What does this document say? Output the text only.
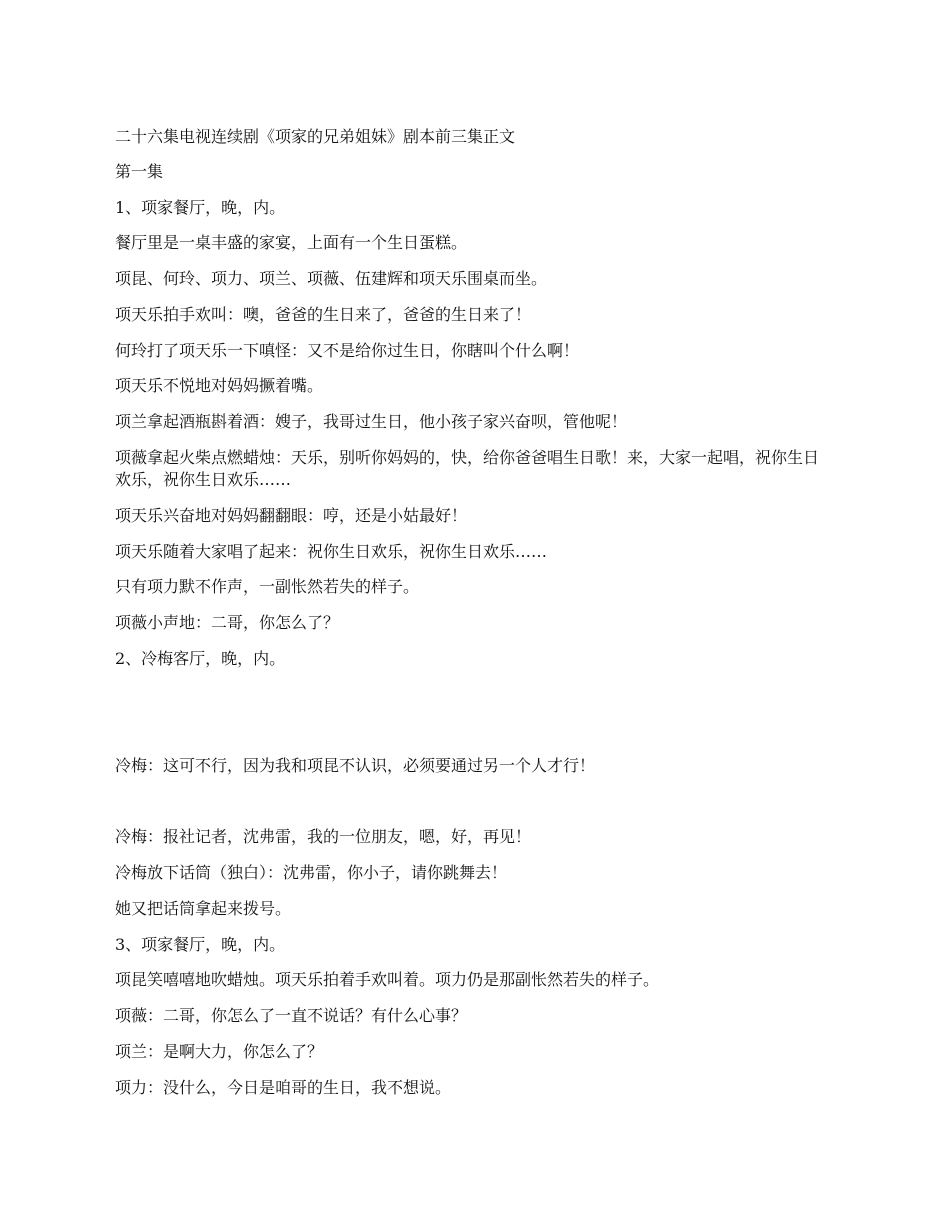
二十六集电视连续剧《项家的兄弟姐妹》剧本前三集正文
第一集
1、项家餐厅，晚，内。
餐厅里是一桌丰盛的家宴，上面有一个生日蛋糕。
项昆、何玲、项力、项兰、项薇、伍建辉和项天乐围桌而坐。
项天乐拍手欢叫：噢，爸爸的生日来了，爸爸的生日来了！
何玲打了项天乐一下嗔怪：又不是给你过生日，你瞎叫个什么啊！
项天乐不悦地对妈妈撅着嘴。
项兰拿起酒瓶斟着酒：嫂子，我哥过生日，他小孩子家兴奋呗，管他呢！
项薇拿起火柴点燃蜡烛：天乐，别听你妈妈的，快，给你爸爸唱生日歌！来，大家一起唱，祝你生日欢乐，祝你生日欢乐……
项天乐兴奋地对妈妈翻翻眼：哼，还是小姑最好！
项天乐随着大家唱了起来：祝你生日欢乐，祝你生日欢乐……
只有项力默不作声，一副怅然若失的样子。
项薇小声地：二哥，你怎么了？
2、冷梅客厅，晚，内。
冷梅：这可不行，因为我和项昆不认识，必须要通过另一个人才行！
冷梅：报社记者，沈弗雷，我的一位朋友，嗯，好，再见！
冷梅放下话筒（独白）：沈弗雷，你小子，请你跳舞去！
她又把话筒拿起来拨号。
3、项家餐厅，晚，内。
项昆笑嘻嘻地吹蜡烛。项天乐拍着手欢叫着。项力仍是那副怅然若失的样子。
项薇：二哥，你怎么了一直不说话？有什么心事？
项兰：是啊大力，你怎么了？
项力：没什么，今日是咱哥的生日，我不想说。
